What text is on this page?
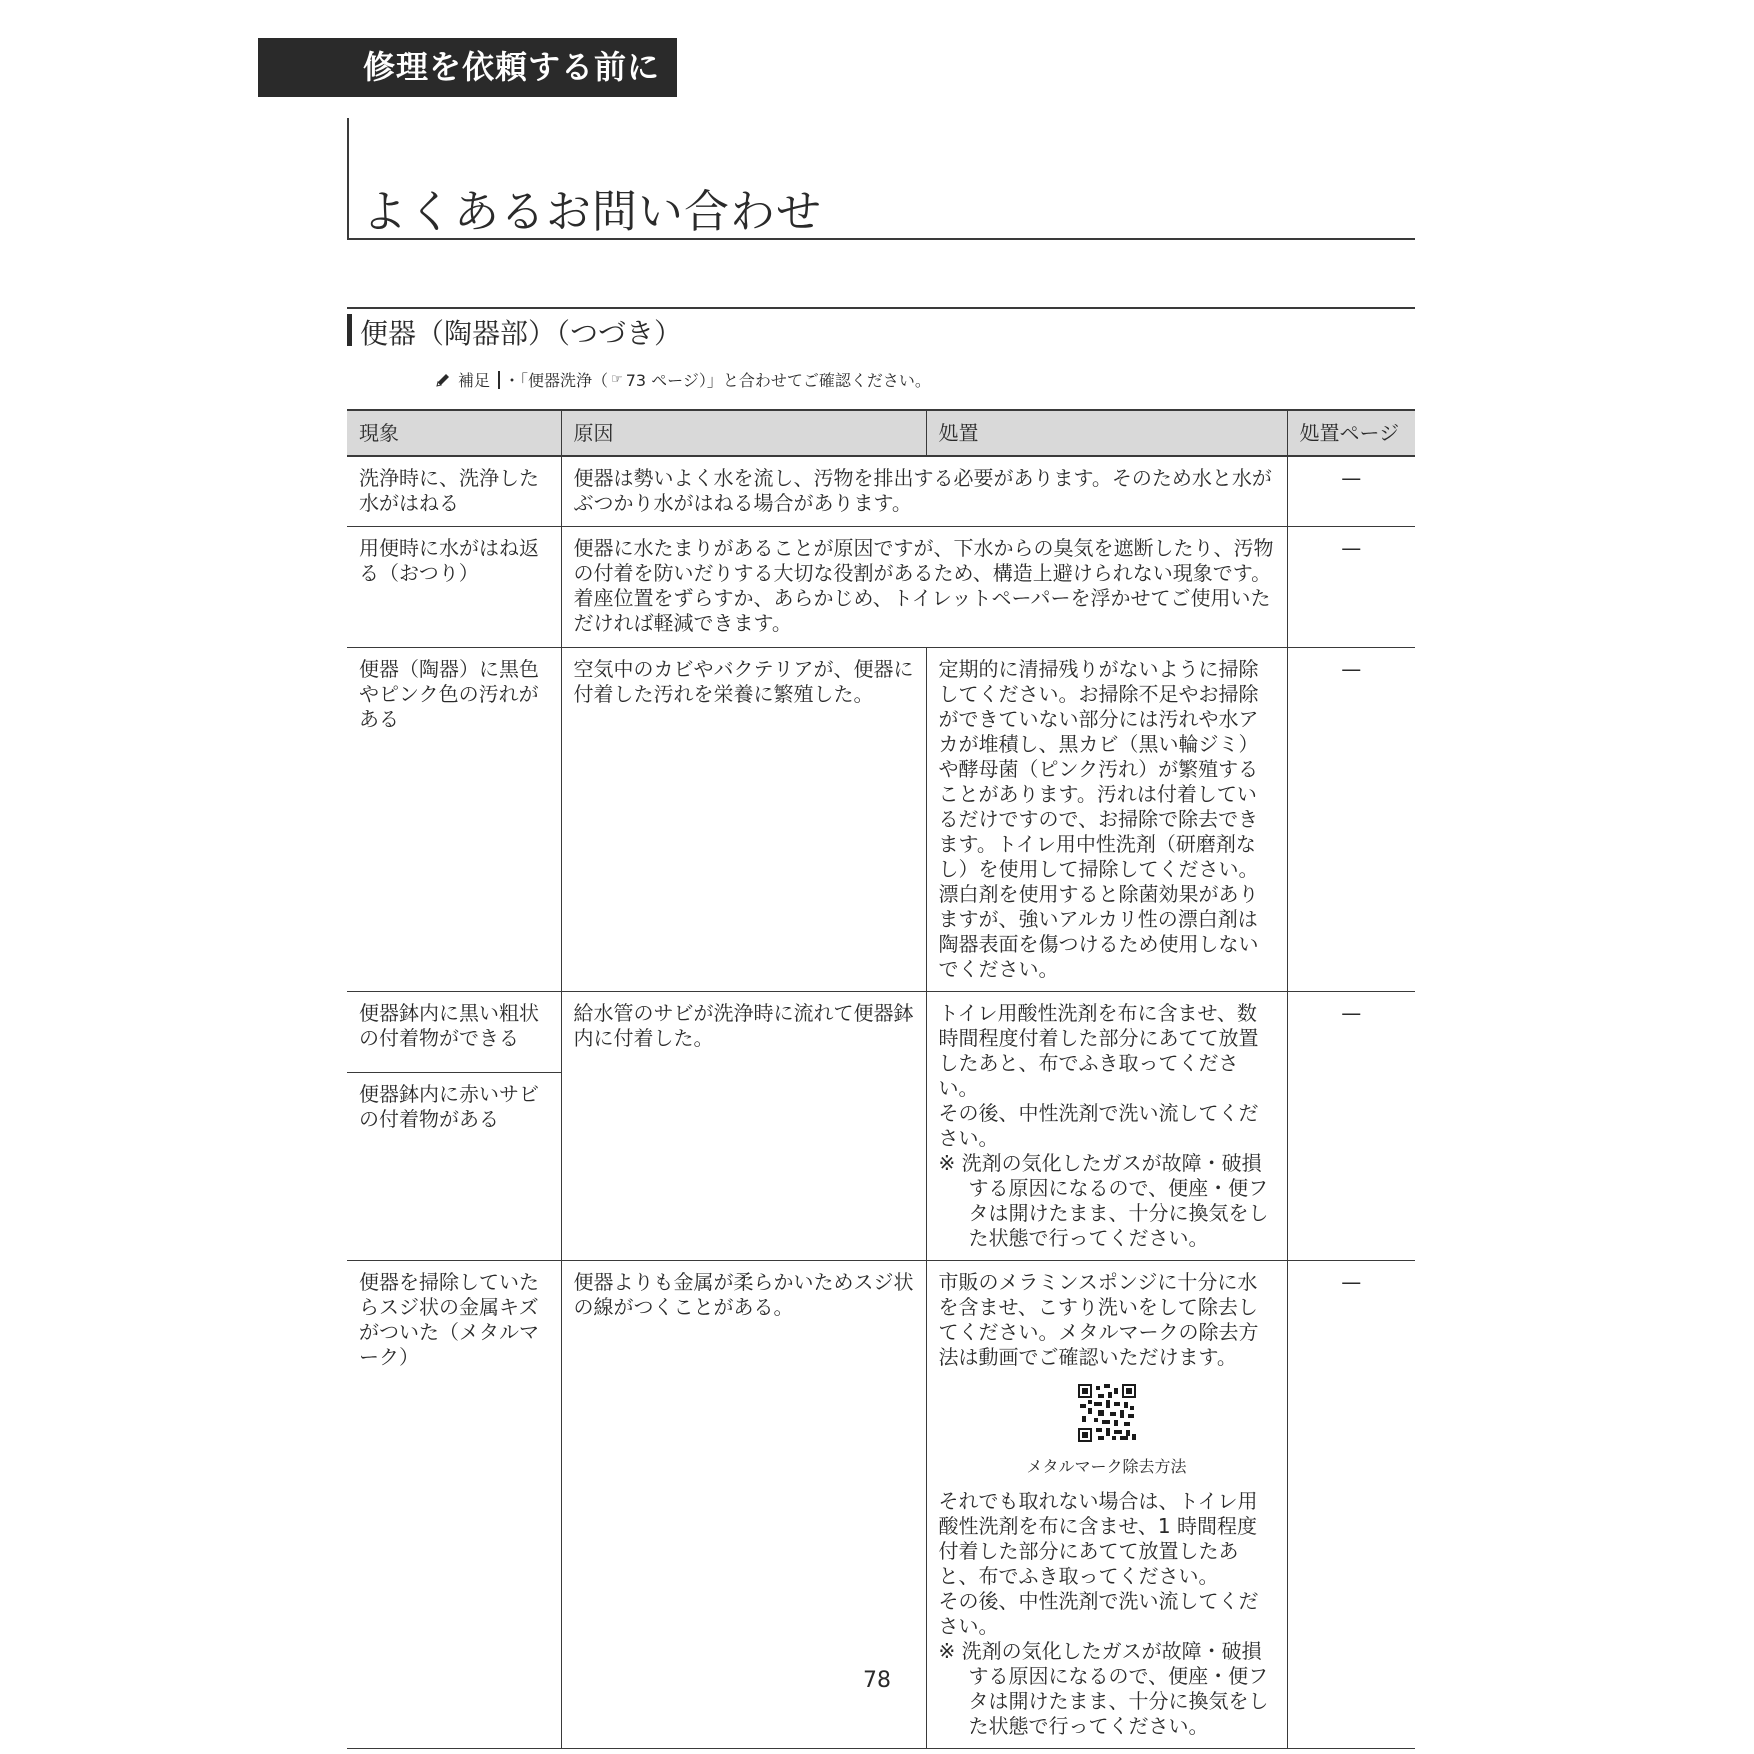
修理を依頼する前に
よくあるお問い合わせ
便器（陶器部）（つづき）
補足 ・「便器洗浄（ ☞ 73 ページ ）」と合わせてご確認ください。
現象	原因	処置	処置ページ
洗浄時に、洗浄した水がはねる	便器は勢いよく水を流し、汚物を排出する必要があります。そのため水と水がぶつかり水がはねる場合があります。		—
用便時に水がはね返る（おつり）	便器に水たまりがあることが原因ですが、下水からの臭気を遮断したり、汚物の付着を防いだりする大切な役割があるため、構造上避けられない現象です。着座位置をずらすか、あらかじめ、トイレットペーパーを浮かせてご使用いただければ軽減できます。		—
便器（陶器）に黒色やピンク色の汚れがある	空気中のカビやバクテリアが、便器に付着した汚れを栄養に繁殖した。	定期的に清掃残りがないように掃除してください。お掃除不足やお掃除ができていない部分には汚れや水アカが堆積し、黒カビ（黒い輪ジミ）や酵母菌（ピンク汚れ）が繁殖することがあります。汚れは付着しているだけですので、お掃除で除去できます。トイレ用中性洗剤（研磨剤なし）を使用して掃除してください。漂白剤を使用すると除菌効果がありますが、強いアルカリ性の漂白剤は陶器表面を傷つけるため使用しないでください。	—
便器鉢内に黒い粗状の付着物ができる	給水管のサビが洗浄時に流れて便器鉢内に付着した。	トイレ用酸性洗剤を布に含ませ、数時間程度付着した部分にあてて放置したあと、布でふき取ってください。
その後、中性洗剤で洗い流してください。
※ 洗剤の気化したガスが故障・破損する原因になるので、便座・便フタは開けたまま、十分に換気をした状態で行ってください。	—
便器鉢内に赤いサビの付着物がある			
便器を掃除していたらスジ状の金属キズがついた（メタルマーク）	便器よりも金属が柔らかいためスジ状の線がつくことがある。	市販のメラミンスポンジに十分に水を含ませ、こすり洗いをして除去してください。メタルマークの除去方法は動画でご確認いただけます。
メタルマーク除去方法
それでも取れない場合は、トイレ用酸性洗剤を布に含ませ、1 時間程度付着した部分にあてて放置したあと、布でふき取ってください。
その後、中性洗剤で洗い流してください。
※ 洗剤の気化したガスが故障・破損する原因になるので、便座・便フタは開けたまま、十分に換気をした状態で行ってください。	—
78
